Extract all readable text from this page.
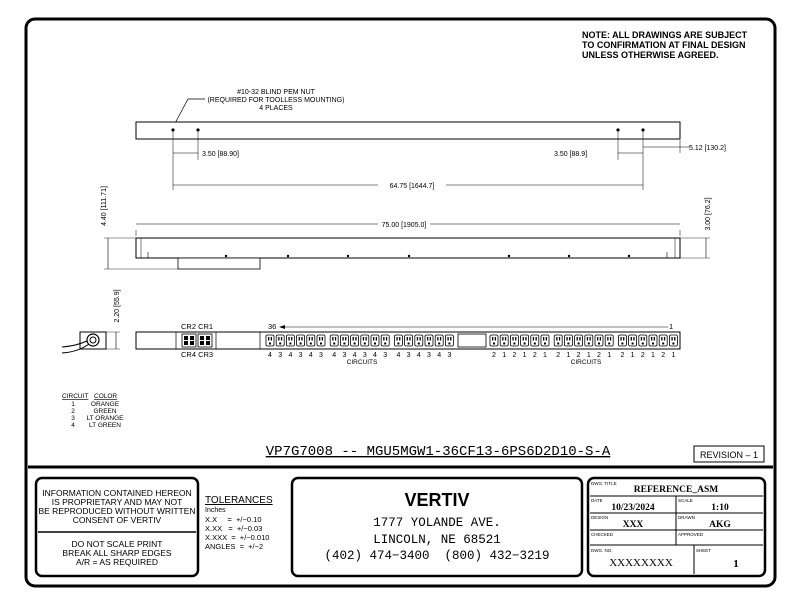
NOTE: ALL DRAWINGS ARE SUBJECT
TO CONFIRMATION AT FINAL DESIGN
UNLESS OTHERWISE AGREED.
#10-32 BLIND PEM NUT
(REQUIRED FOR TOOLLESS MOUNTING)
4 PLACES
3.50 [88.90]	3.50 [88.9]
5.12 [130.2]
64.75 [1644.7]
75.00 [1905.0]
4.40 [111.71]	3.00 [76.2]
2.20 [55.9]
CR2 CR1
CR4 CR3
36	1
4 3 4 3 4 3 4 3 4 3 4 3 4 3 4 3 4 3	2 1 2 1 2 1 2 1 2 1 2 1 2 1 2 1 2 1
CIRCUITS	CIRCUITS
CIRCUIT COLOR
1 ORANGE
2	GREEN
3 LT ORANGE
4 LT GREEN
VP7G7008 -- MGU5MGW1-36CF13-6PS6D2D10-S-A	REVISION – 1
INFORMATION CONTAINED HEREON
IS PROPRIETARY AND MAY NOT
BE REPRODUCED WITHOUT WRITTEN
CONSENT OF VERTIV
DO NOT SCALE PRINT
BREAK ALL SHARP EDGES
A/R = AS REQUIRED
TOLERANCES
Inches
X.X     =  +/−0.10
X.XX   =  +/−0.03
X.XXX  =  +/−0.010
ANGLES  =  +/−2
VERTIV
1777 YOLANDE AVE.
LINCOLN, NE 68521
(402) 474−3400  (800) 432−3219
DWG. TITLE
REFERENCE_ASM
DATE
10/23/2024
SCALE
1:10
DESIGN
XXX
DRAWN
AKG
CHECKED	APPROVED
DWG. NO.
XXXXXXXX
SHEET
1
